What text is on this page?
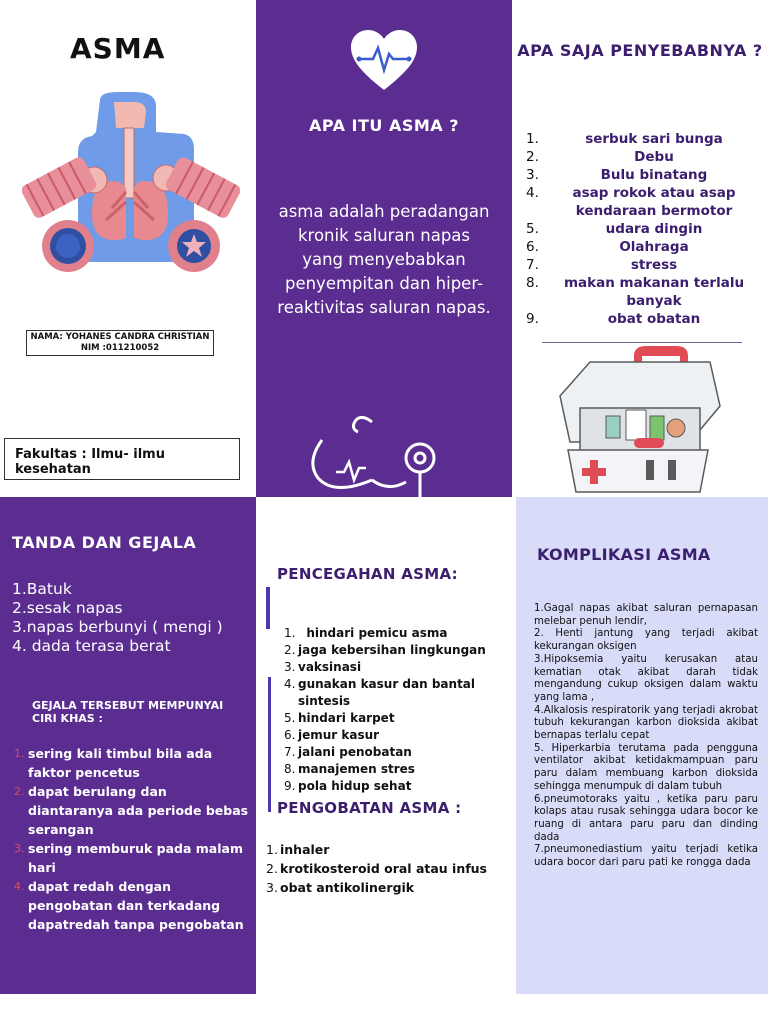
ASMA
NAMA: YOHANES CANDRA CHRISTIAN
NIM :011210052
Fakultas : Ilmu- ilmu kesehatan
APA ITU ASMA ?
asma adalah peradangan kronik saluran napas yang menyebabkan penyempitan dan hiper-reaktivitas saluran napas.
APA SAJA PENYEBABNYA ?
1.	serbuk sari bunga
2.	Debu
3.	Bulu binatang
4.	asap rokok atau asap kendaraan bermotor
5.	udara dingin
6.	Olahraga
7.	stress
8.	makan makanan terlalu banyak
9.	obat obatan
TANDA DAN GEJALA
1.Batuk
2.sesak napas
3.napas berbunyi ( mengi )
4. dada terasa berat
GEJALA TERSEBUT MEMPUNYAI CIRI KHAS :
1. sering kali timbul bila ada faktor pencetus
2. dapat berulang dan diantaranya ada periode bebas serangan
3. sering memburuk pada malam hari
4. dapat redah dengan pengobatan dan terkadang dapatredah tanpa pengobatan
PENCEGAHAN ASMA:
1. hindari pemicu asma
2. jaga kebersihan lingkungan
3. vaksinasi
4. gunakan kasur dan bantal sintesis
5. hindari karpet
6. jemur kasur
7. jalani penobatan
8. manajemen stres
9. pola hidup sehat
PENGOBATAN ASMA :
1. inhaler
2. krotikosteroid oral atau infus
3. obat antikolinergik
KOMPLIKASI ASMA
1.Gagal napas akibat saluran pernapasan melebar penuh lendir,
2. Henti jantung yang terjadi akibat kekurangan oksigen
3.Hipoksemia yaitu kerusakan atau kematian otak akibat darah tidak mengandung cukup oksigen dalam waktu yang lama ,
4.Alkalosis respiratorik yang terjadi akrobat tubuh kekurangan karbon dioksida akibat bernapas terlalu cepat
5. Hiperkarbia terutama pada pengguna ventilator akibat ketidakmampuan paru paru dalam membuang karbon dioksida sehingga menumpuk di dalam tubuh
6.pneumotoraks yaitu , ketika paru paru kolaps atau rusak sehingga udara bocor ke ruang di antara paru paru dan dinding dada
7.pneumonediastium yaitu terjadi ketika udara bocor dari paru pati ke rongga dada
